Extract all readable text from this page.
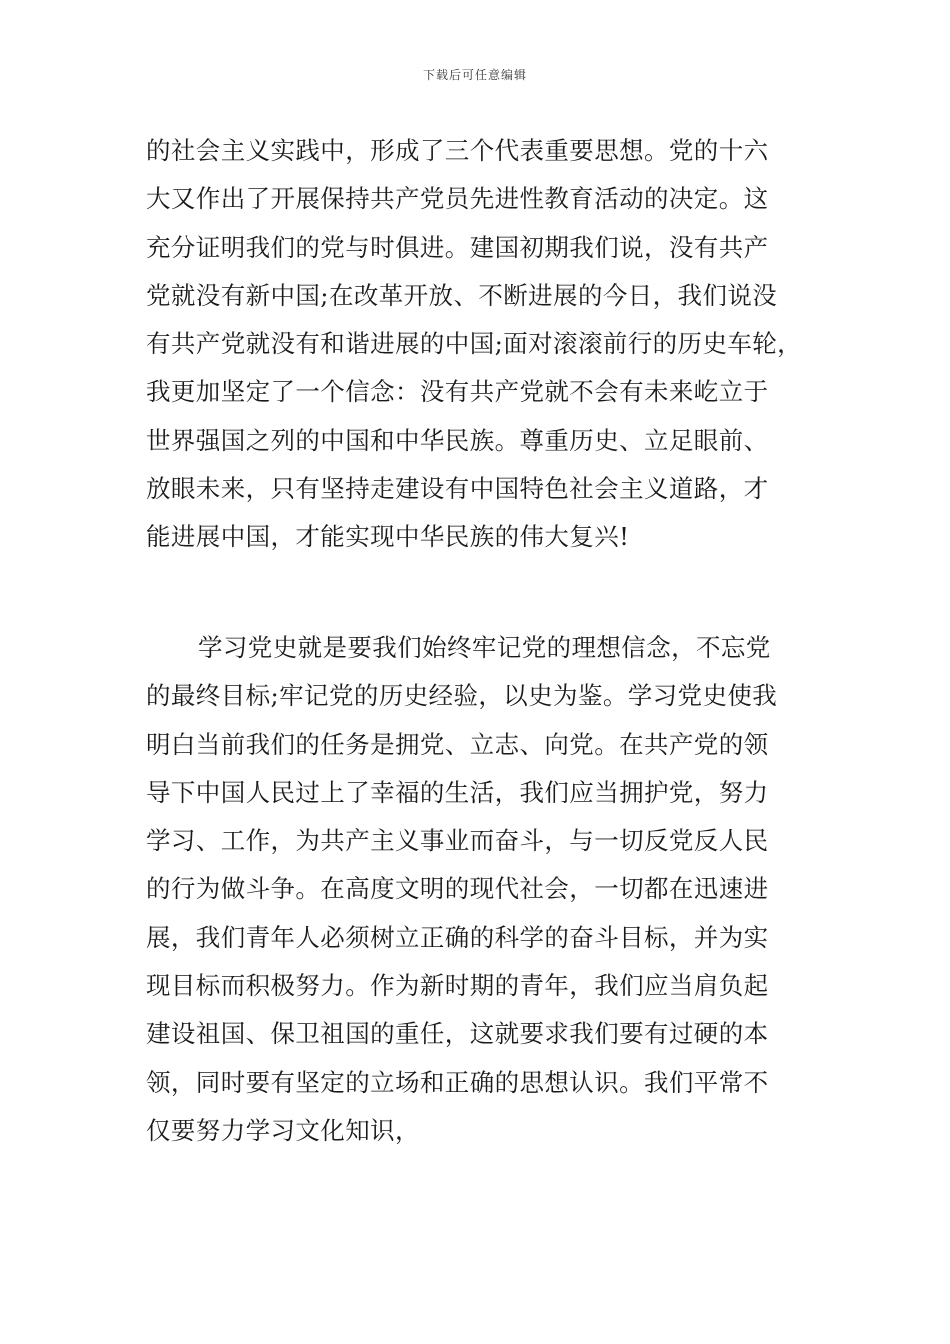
下载后可任意编辑
的社会主义实践中，形成了三个代表重要思想。党的十六
大又作出了开展保持共产党员先进性教育活动的决定。这
充分证明我们的党与时俱进。建国初期我们说，没有共产
党就没有新中国;在改革开放、不断进展的今日，我们说没
有共产党就没有和谐进展的中国;面对滚滚前行的历史车轮，
我更加坚定了一个信念：没有共产党就不会有未来屹立于
世界强国之列的中国和中华民族。尊重历史、立足眼前、
放眼未来，只有坚持走建设有中国特色社会主义道路，才
能进展中国，才能实现中华民族的伟大复兴!
学习党史就是要我们始终牢记党的理想信念，不忘党
的最终目标;牢记党的历史经验，以史为鉴。学习党史使我
明白当前我们的任务是拥党、立志、向党。在共产党的领
导下中国人民过上了幸福的生活，我们应当拥护党，努力
学习、工作，为共产主义事业而奋斗，与一切反党反人民
的行为做斗争。在高度文明的现代社会，一切都在迅速进
展，我们青年人必须树立正确的科学的奋斗目标，并为实
现目标而积极努力。作为新时期的青年，我们应当肩负起
建设祖国、保卫祖国的重任，这就要求我们要有过硬的本
领，同时要有坚定的立场和正确的思想认识。我们平常不
仅要努力学习文化知识，
